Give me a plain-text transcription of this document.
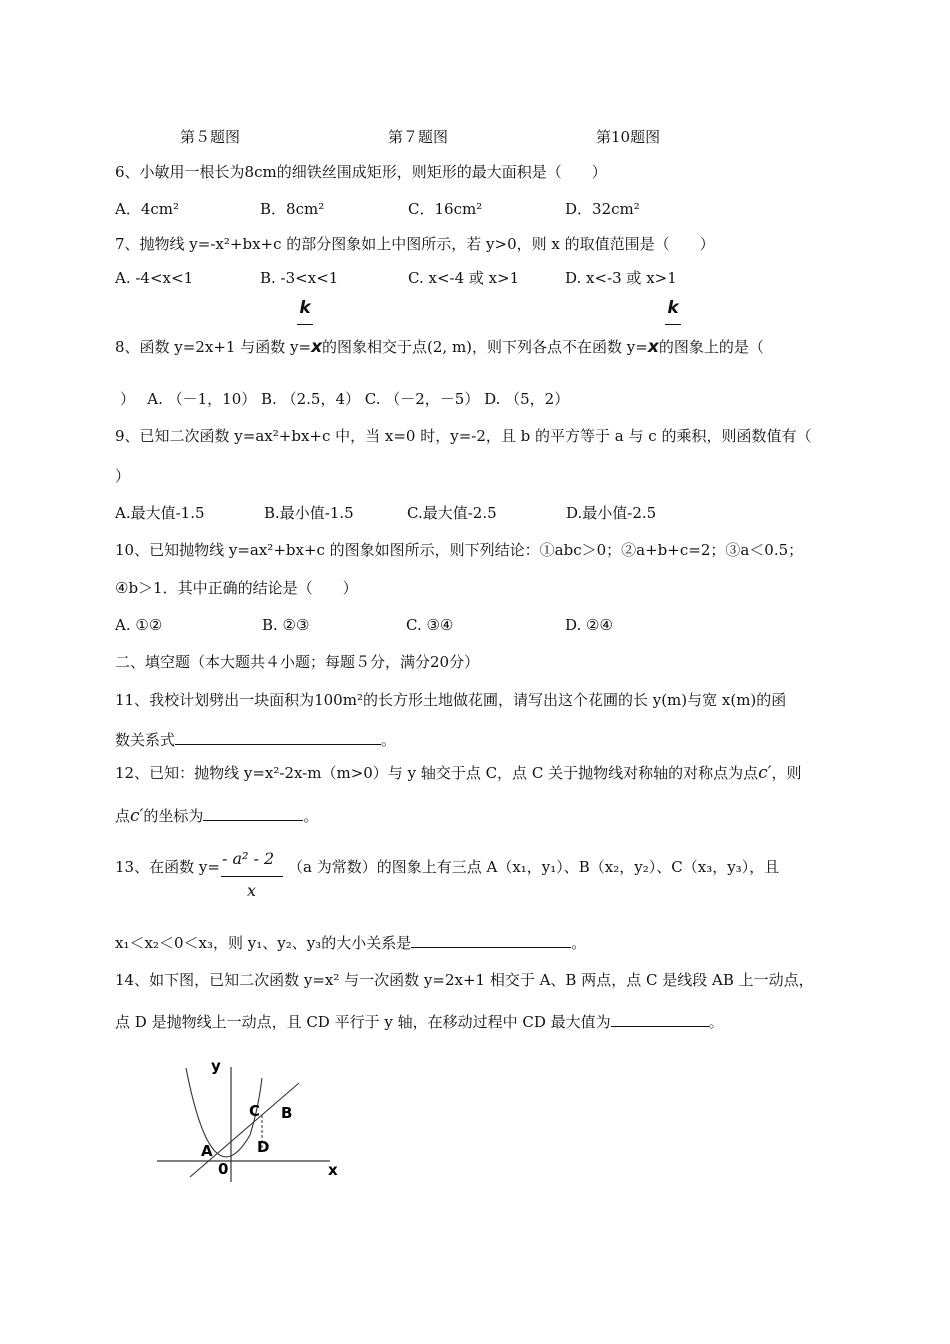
第５题图	第７题图	第10题图
6、小敏用一根长为8cm的细铁丝围成矩形，则矩形的最大面积是（　　）
A．4cm²	B．8cm²	C．16cm²	D．32cm²
7、抛物线 y=-x²+bx+c 的部分图象如上中图所示，若 y>0，则 x 的取值范围是（　　）
A. -4<x<1	B. -3<x<1	C. x<-4 或 x>1	D. x<-3 或 x>1
k	k
8、函数 y=2x+1 与函数 y=x的图象相交于点(2, m)，则下列各点不在函数 y=x的图象上的是（
）　 A. （－1，10） B. （2.5，4） C. （－2，－5） D. （5，2）
9、已知二次函数 y=ax²+bx+c 中，当 x=0 时，y=-2，且 b 的平方等于 a 与 c 的乘积，则函数值有（
）
A.最大值-1.5	B.最小值-1.5	C.最大值-2.5	D.最小值-2.5
10、已知抛物线 y=ax²+bx+c 的图象如图所示，则下列结论：①abc＞0；②a+b+c=2；③a＜0.5；
④b＞1．其中正确的结论是（　　）
A. ①②	B. ②③	C. ③④	D. ②④
二、填空题（本大题共４小题；每题５分，满分20分）
11、我校计划劈出一块面积为100m²的长方形土地做花圃，请写出这个花圃的长 y(m)与宽 x(m)的函
数关系式	。
12、已知：抛物线 y=x²-2x-m（m>0）与 y 轴交于点 C，点 C 关于抛物线对称轴的对称点为点c′，则
点c′的坐标为	。
13、在函数 y= - a² - 2
x
（a 为常数）的图象上有三点 A（x₁，y₁）、B（x₂，y₂）、C（x₃，y₃），且
x₁＜x₂＜0＜x₃，则 y₁、y₂、y₃的大小关系是	。
14、如下图，已知二次函数 y=x² 与一次函数 y=2x+1 相交于 A、B 两点，点 C 是线段 AB 上一动点，
点 D 是抛物线上一动点，且 CD 平行于 y 轴，在移动过程中 CD 最大值为	。
y
x
0
A
B
C
D
